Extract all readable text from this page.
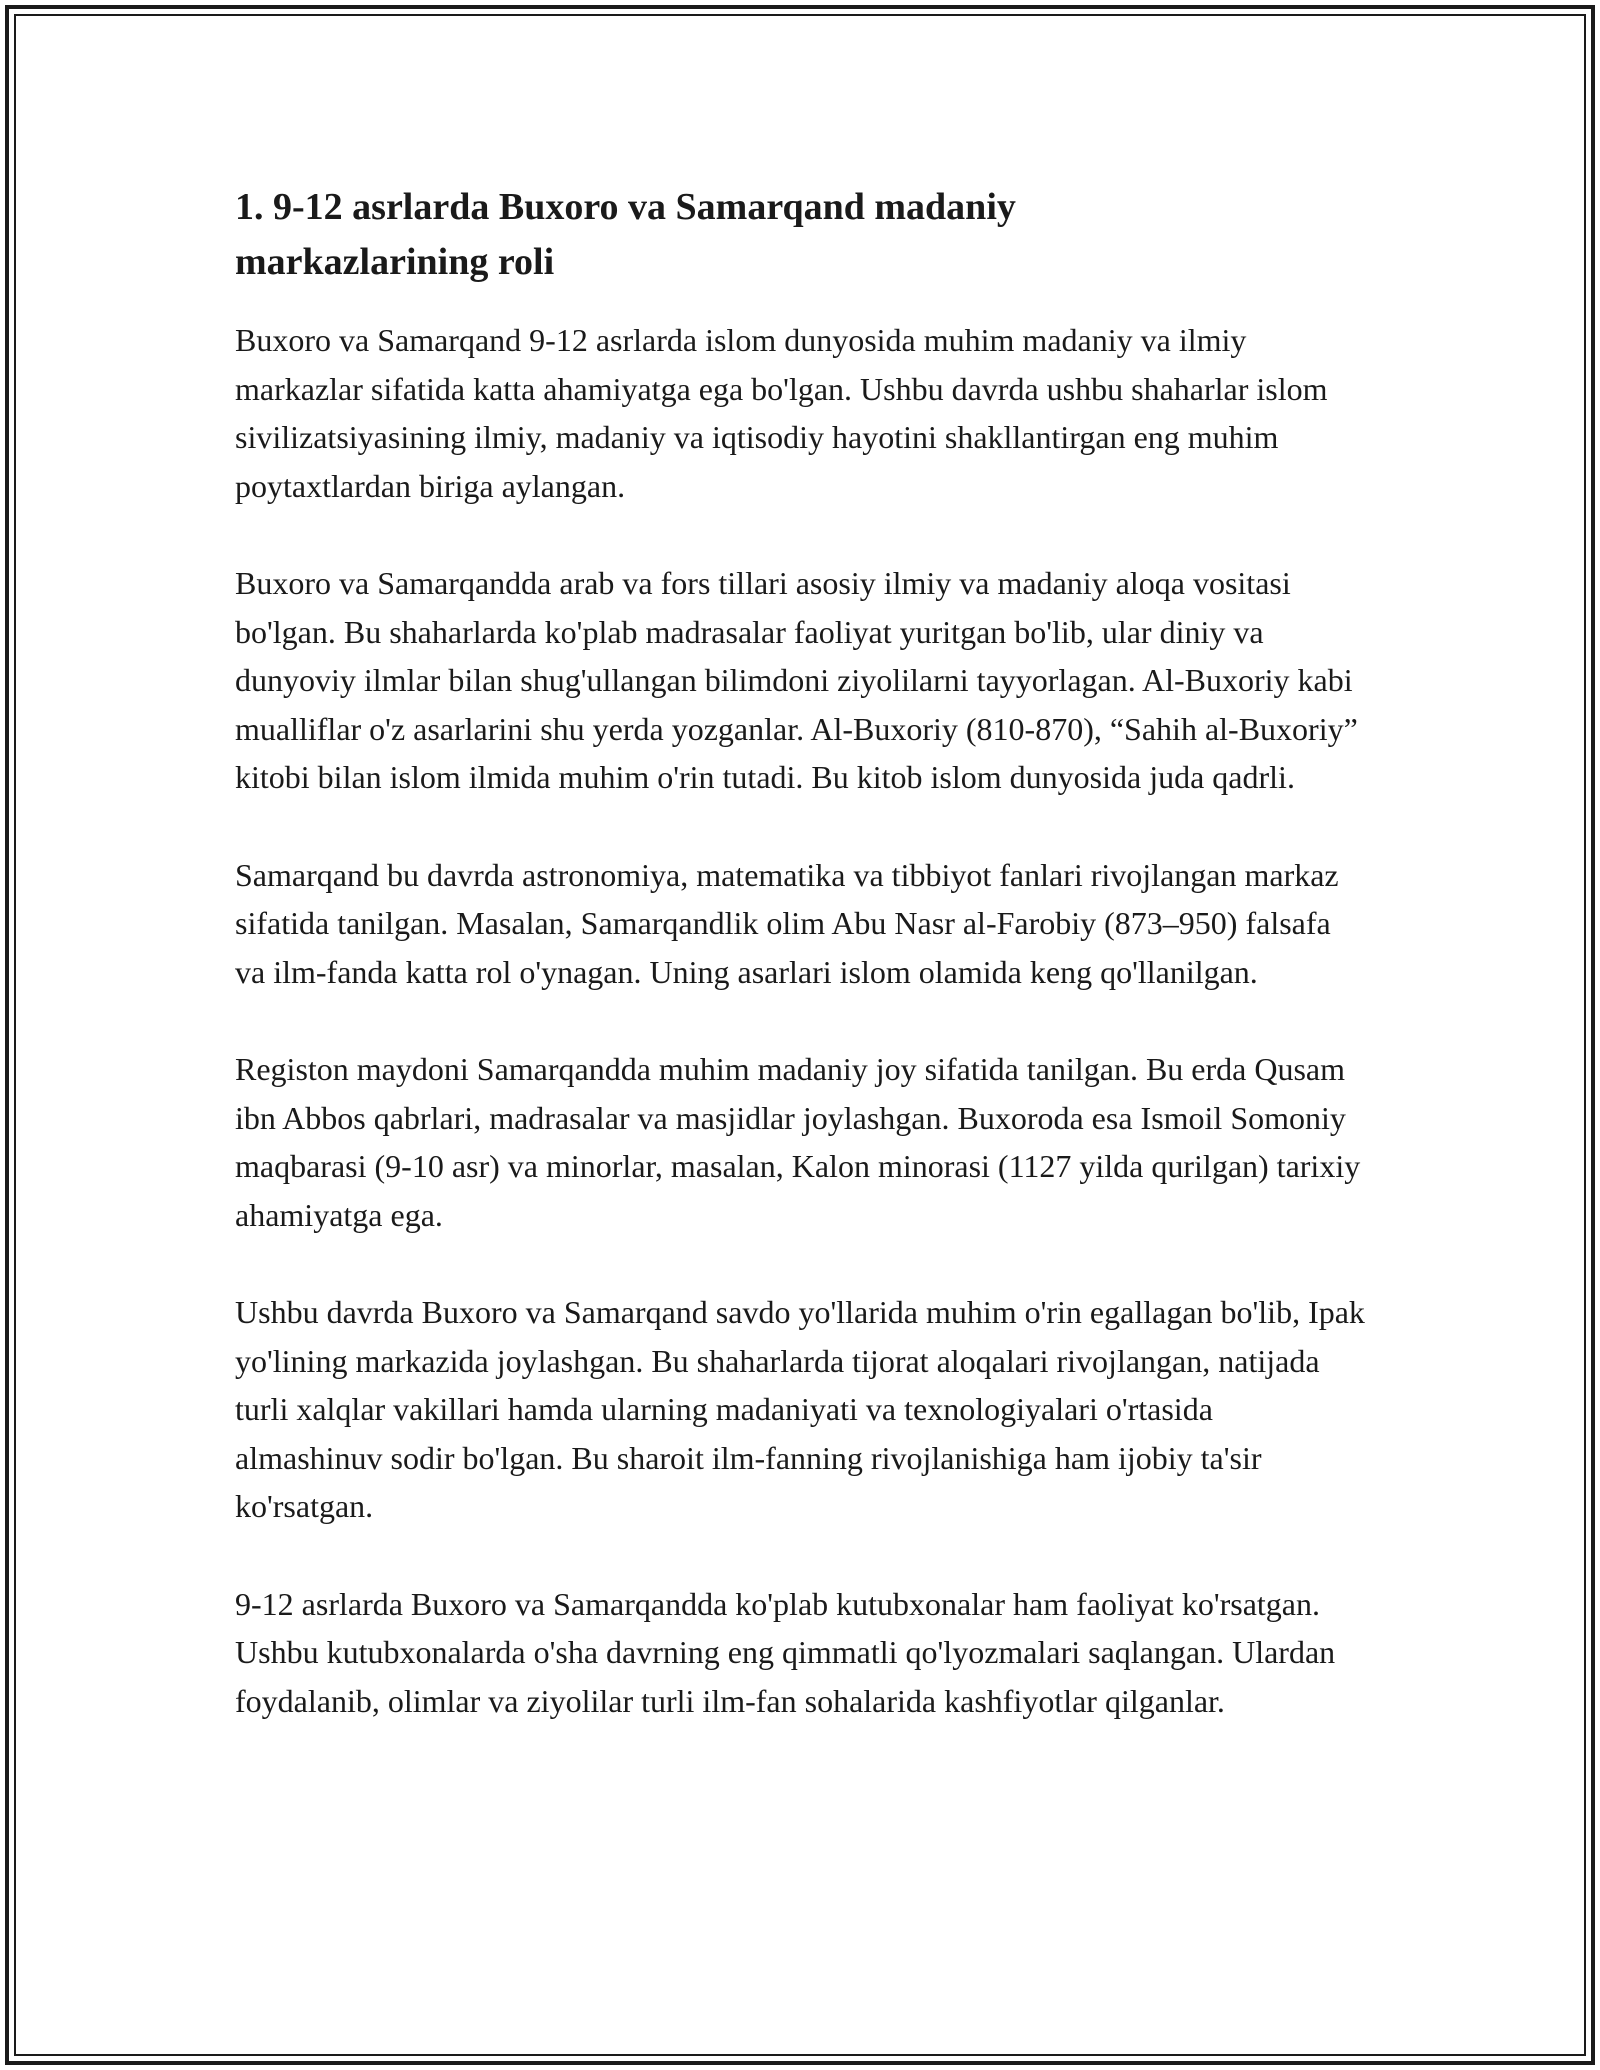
1. 9-12 asrlarda Buxoro va Samarqand madaniy markazlarining roli

Buxoro va Samarqand 9-12 asrlarda islom dunyosida muhim madaniy va ilmiy markazlar sifatida katta ahamiyatga ega bo'lgan. Ushbu davrda ushbu shaharlar islom sivilizatsiyasining ilmiy, madaniy va iqtisodiy hayotini shakllantirgan eng muhim poytaxtlardan biriga aylangan.

Buxoro va Samarqandda arab va fors tillari asosiy ilmiy va madaniy aloqa vositasi bo'lgan. Bu shaharlarda ko'plab madrasalar faoliyat yuritgan bo'lib, ular diniy va dunyoviy ilmlar bilan shug'ullangan bilimdoni ziyolilarni tayyorlagan. Al-Buxoriy kabi mualliflar o'z asarlarini shu yerda yozganlar. Al-Buxoriy (810-870), “Sahih al-Buxoriy” kitobi bilan islom ilmida muhim o'rin tutadi. Bu kitob islom dunyosida juda qadrli.

Samarqand bu davrda astronomiya, matematika va tibbiyot fanlari rivojlangan markaz sifatida tanilgan. Masalan, Samarqandlik olim Abu Nasr al-Farobiy (873–950) falsafa va ilm-fanda katta rol o'ynagan. Uning asarlari islom olamida keng qo'llanilgan.

Registon maydoni Samarqandda muhim madaniy joy sifatida tanilgan. Bu erda Qusam ibn Abbos qabrlari, madrasalar va masjidlar joylashgan. Buxoroda esa Ismoil Somoniy maqbarasi (9-10 asr) va minorlar, masalan, Kalon minorasi (1127 yilda qurilgan) tarixiy ahamiyatga ega.

Ushbu davrda Buxoro va Samarqand savdo yo'llarida muhim o'rin egallagan bo'lib, Ipak yo'lining markazida joylashgan. Bu shaharlarda tijorat aloqalari rivojlangan, natijada turli xalqlar vakillari hamda ularning madaniyati va texnologiyalari o'rtasida almashinuv sodir bo'lgan. Bu sharoit ilm-fanning rivojlanishiga ham ijobiy ta'sir ko'rsatgan.

9-12 asrlarda Buxoro va Samarqandda ko'plab kutubxonalar ham faoliyat ko'rsatgan. Ushbu kutubxonalarda o'sha davrning eng qimmatli qo'lyozmalari saqlangan. Ulardan foydalanib, olimlar va ziyolilar turli ilm-fan sohalarida kashfiyotlar qilganlar.
